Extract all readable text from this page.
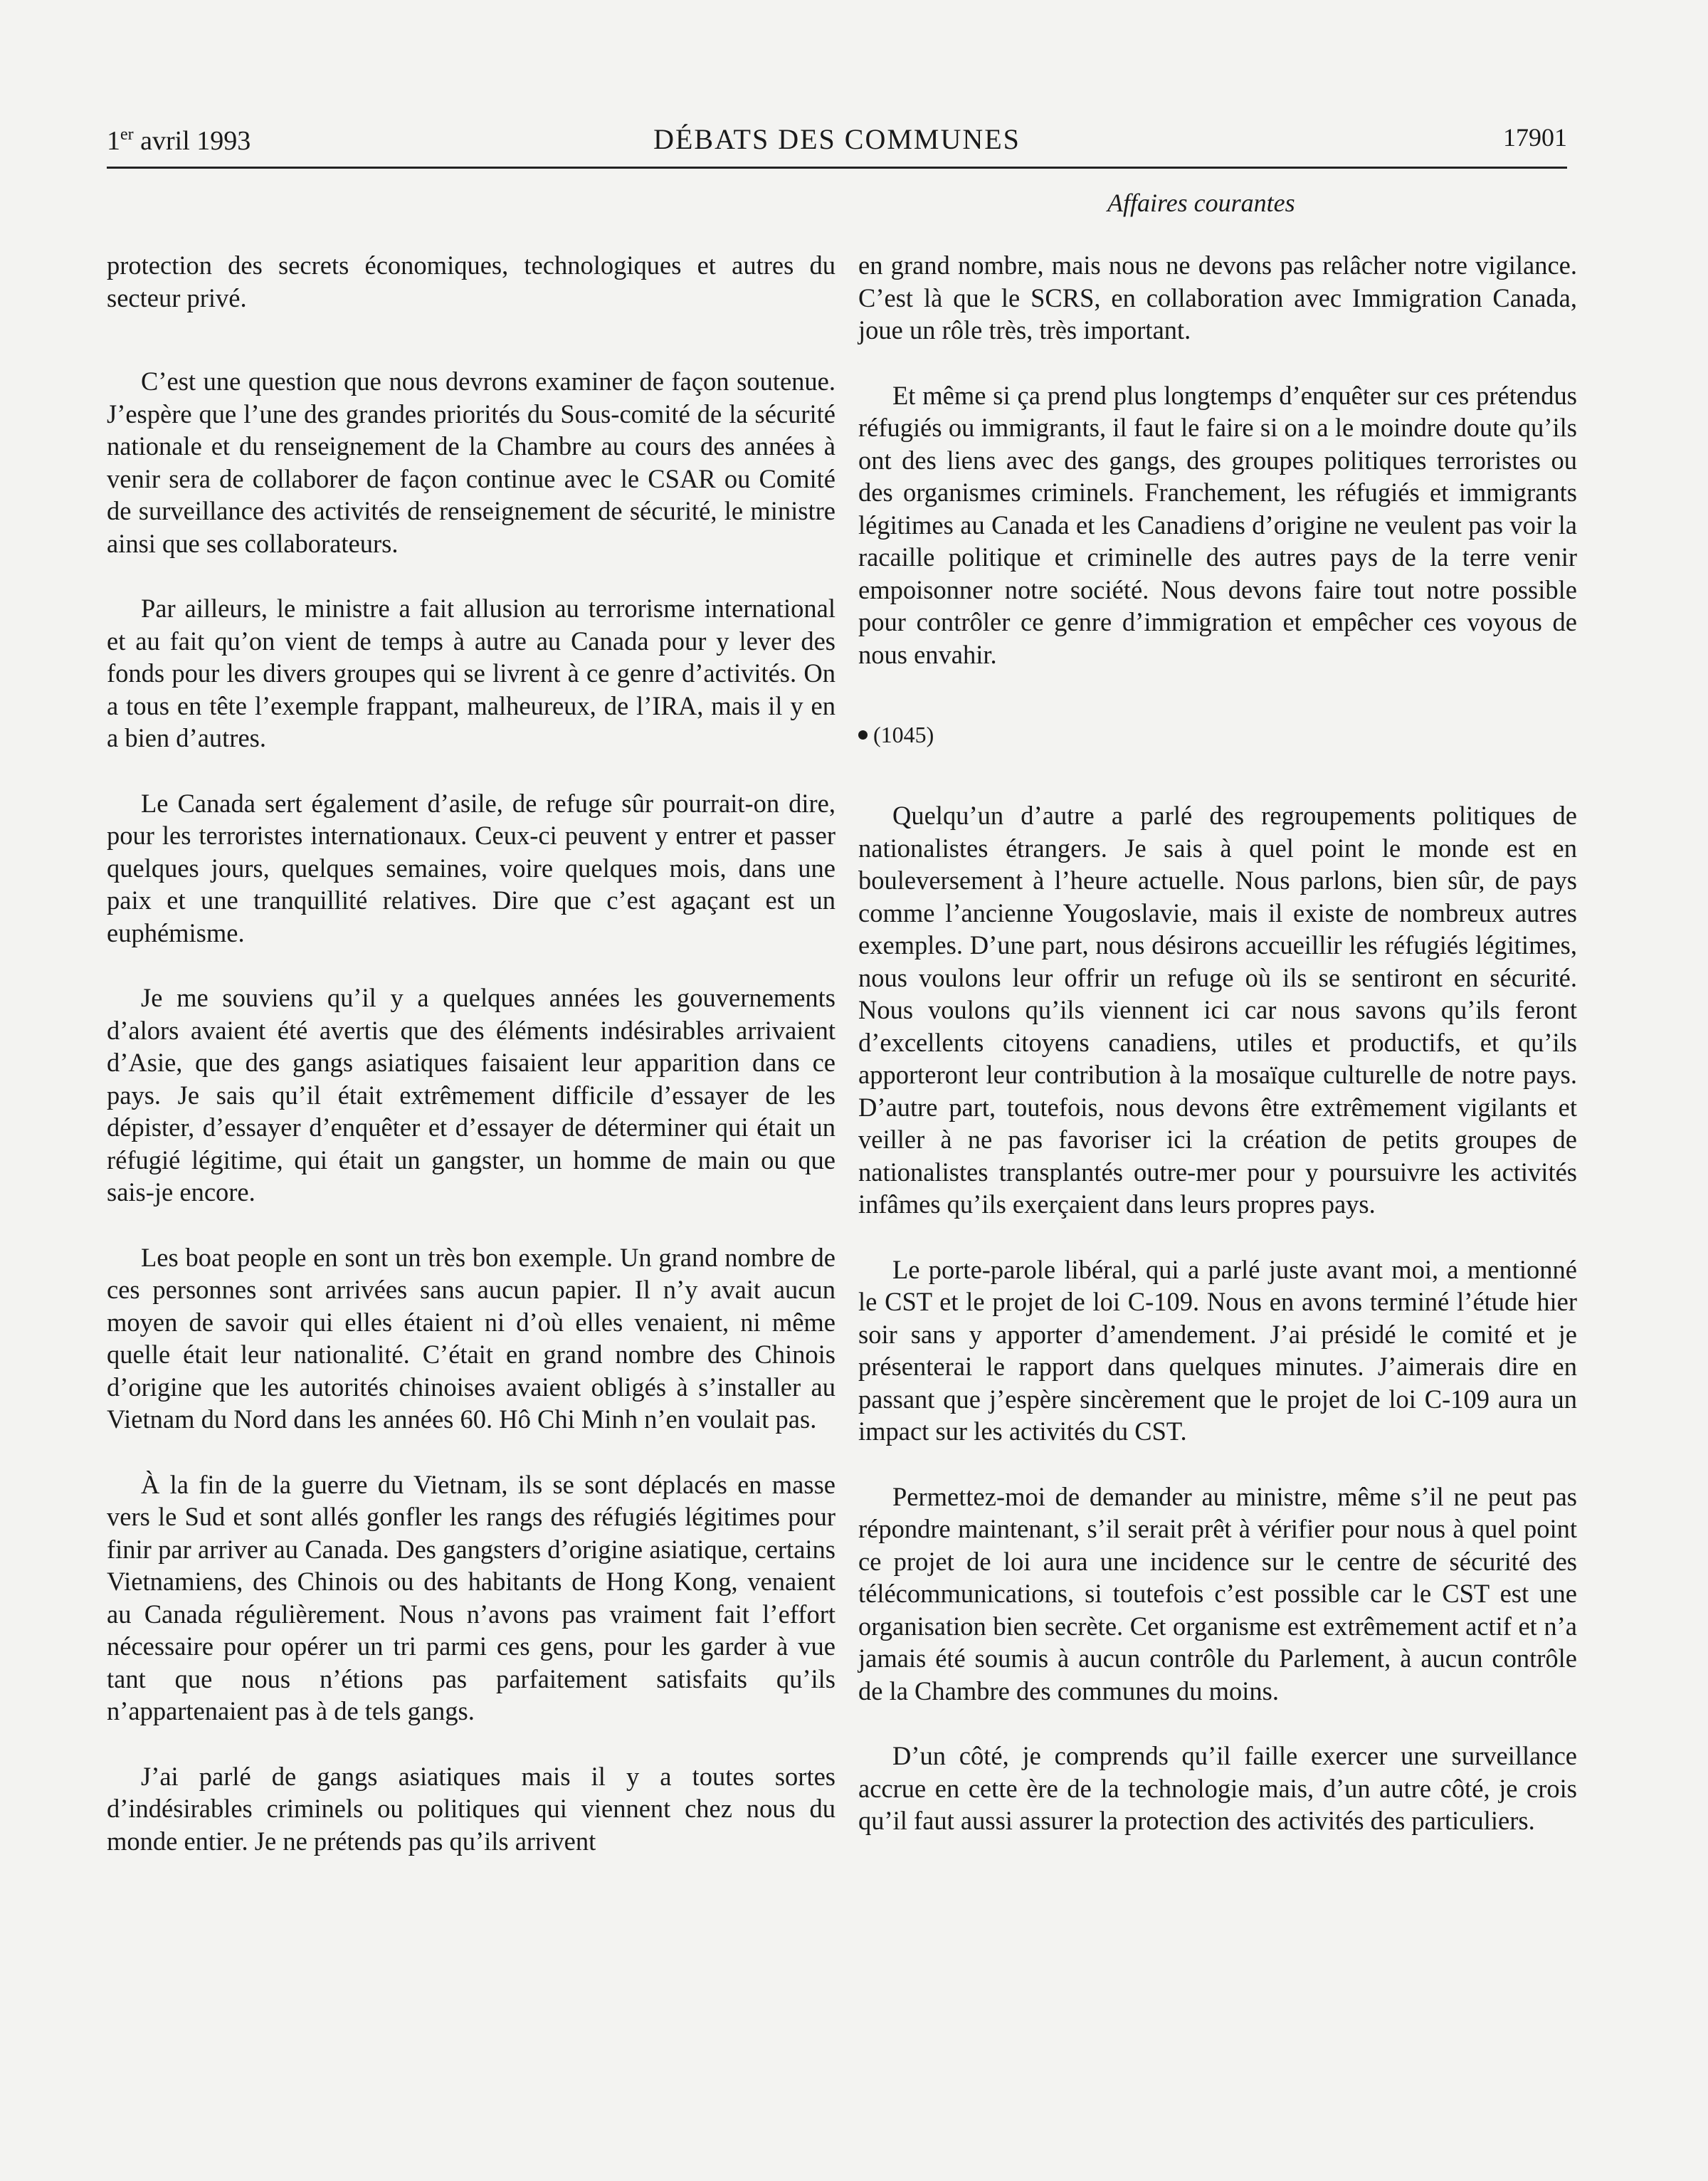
1er avril 1993	DÉBATS DES COMMUNES	17901
Affaires courantes

protection des secrets économiques, technologiques et autres du secteur privé.

C’est une question que nous devrons examiner de façon soutenue. J’espère que l’une des grandes priorités du Sous-comité de la sécurité nationale et du renseignement de la Chambre au cours des années à venir sera de collaborer de façon continue avec le CSAR ou Comité de surveillance des activités de renseignement de sécurité, le ministre ainsi que ses collaborateurs.

Par ailleurs, le ministre a fait allusion au terrorisme international et au fait qu’on vient de temps à autre au Canada pour y lever des fonds pour les divers groupes qui se livrent à ce genre d’activités. On a tous en tête l’exemple frappant, malheureux, de l’IRA, mais il y en a bien d’autres.

Le Canada sert également d’asile, de refuge sûr pourrait-on dire, pour les terroristes internationaux. Ceux-ci peuvent y entrer et passer quelques jours, quelques semaines, voire quelques mois, dans une paix et une tranquillité relatives. Dire que c’est agaçant est un euphémisme.

Je me souviens qu’il y a quelques années les gouvernements d’alors avaient été avertis que des éléments indésirables arrivaient d’Asie, que des gangs asiatiques faisaient leur apparition dans ce pays. Je sais qu’il était extrêmement difficile d’essayer de les dépister, d’essayer d’enquêter et d’essayer de déterminer qui était un réfugié légitime, qui était un gangster, un homme de main ou que sais-je encore.

Les boat people en sont un très bon exemple. Un grand nombre de ces personnes sont arrivées sans aucun papier. Il n’y avait aucun moyen de savoir qui elles étaient ni d’où elles venaient, ni même quelle était leur nationalité. C’était en grand nombre des Chinois d’origine que les autorités chinoises avaient obligés à s’installer au Vietnam du Nord dans les années 60. Hô Chi Minh n’en voulait pas.

À la fin de la guerre du Vietnam, ils se sont déplacés en masse vers le Sud et sont allés gonfler les rangs des réfugiés légitimes pour finir par arriver au Canada. Des gangsters d’origine asiatique, certains Vietnamiens, des Chinois ou des habitants de Hong Kong, venaient au Canada régulièrement. Nous n’avons pas vraiment fait l’effort nécessaire pour opérer un tri parmi ces gens, pour les garder à vue tant que nous n’étions pas parfaitement satisfaits qu’ils n’appartenaient pas à de tels gangs.

J’ai parlé de gangs asiatiques mais il y a toutes sortes d’indésirables criminels ou politiques qui viennent chez nous du monde entier. Je ne prétends pas qu’ils arrivent

en grand nombre, mais nous ne devons pas relâcher notre vigilance. C’est là que le SCRS, en collaboration avec Immigration Canada, joue un rôle très, très important.

Et même si ça prend plus longtemps d’enquêter sur ces prétendus réfugiés ou immigrants, il faut le faire si on a le moindre doute qu’ils ont des liens avec des gangs, des groupes politiques terroristes ou des organismes criminels. Franchement, les réfugiés et immigrants légitimes au Canada et les Canadiens d’origine ne veulent pas voir la racaille politique et criminelle des autres pays de la terre venir empoisonner notre société. Nous devons faire tout notre possible pour contrôler ce genre d’immigration et empêcher ces voyous de nous envahir.

(1045)

Quelqu’un d’autre a parlé des regroupements politiques de nationalistes étrangers. Je sais à quel point le monde est en bouleversement à l’heure actuelle. Nous parlons, bien sûr, de pays comme l’ancienne Yougoslavie, mais il existe de nombreux autres exemples. D’une part, nous désirons accueillir les réfugiés légitimes, nous voulons leur offrir un refuge où ils se sentiront en sécurité. Nous voulons qu’ils viennent ici car nous savons qu’ils feront d’excellents citoyens canadiens, utiles et productifs, et qu’ils apporteront leur contribution à la mosaïque culturelle de notre pays. D’autre part, toutefois, nous devons être extrêmement vigilants et veiller à ne pas favoriser ici la création de petits groupes de nationalistes transplantés outre-mer pour y poursuivre les activités infâmes qu’ils exerçaient dans leurs propres pays.

Le porte-parole libéral, qui a parlé juste avant moi, a mentionné le CST et le projet de loi C-109. Nous en avons terminé l’étude hier soir sans y apporter d’amendement. J’ai présidé le comité et je présenterai le rapport dans quelques minutes. J’aimerais dire en passant que j’espère sincèrement que le projet de loi C-109 aura un impact sur les activités du CST.

Permettez-moi de demander au ministre, même s’il ne peut pas répondre maintenant, s’il serait prêt à vérifier pour nous à quel point ce projet de loi aura une incidence sur le centre de sécurité des télécommunications, si toutefois c’est possible car le CST est une organisation bien secrète. Cet organisme est extrêmement actif et n’a jamais été soumis à aucun contrôle du Parlement, à aucun contrôle de la Chambre des communes du moins.

D’un côté, je comprends qu’il faille exercer une surveillance accrue en cette ère de la technologie mais, d’un autre côté, je crois qu’il faut aussi assurer la protection des activités des particuliers.
